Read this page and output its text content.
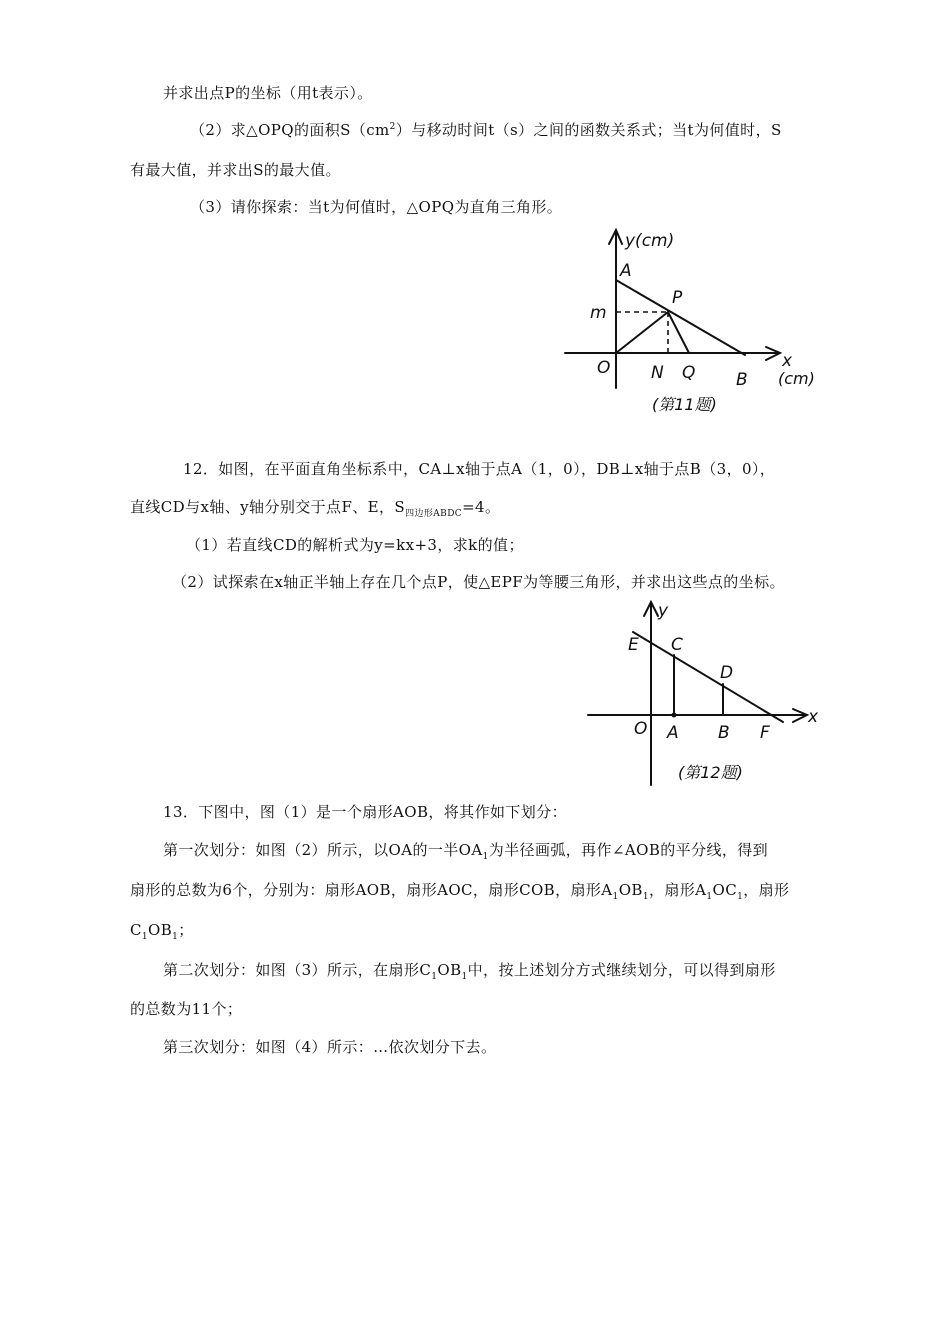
并求出点P的坐标（用t表示）。
（2）求△OPQ的面积$S(cm^2)$与移动时间t（s）之间的函数关系式；当t为何值时，S
有最大值，并求出S的最大值。
（3）请你探索：当t为何值时，△OPQ为直角三角形。
y(cm)
A
P
m
O N Q B
x
(cm)
(第11题)
12．如图，在平面直角坐标系中，CA⊥x轴于点A（1，0），DB⊥x轴于点B（3，0），
直线CD与x轴、y轴分别交于点F、E，$S_{四边形ABDC}=4$。
（1）若直线CD的解析式为y=kx+3，求k的值；
（2）试探索在x轴正半轴上存在几个点P，使△EPF为等腰三角形，并求出这些点的坐标。
y
E C
D
O A B F
x
(第12题)
13．下图中，图（1）是一个扇形AOB，将其作如下划分：
第一次划分：如图（2）所示，以OA的一半$OA_1$为半径画弧，再作∠AOB的平分线，得到
扇形的总数为6个，分别为：扇形AOB，扇形AOC，扇形COB，扇形$A_1OB_1$，扇形$A_1OC_1$，扇形
$C_1OB_1$；
第二次划分：如图（3）所示，在扇形$C_1OB_1$中，按上述划分方式继续划分，可以得到扇形
的总数为11个；
第三次划分：如图（4）所示：…依次划分下去。
